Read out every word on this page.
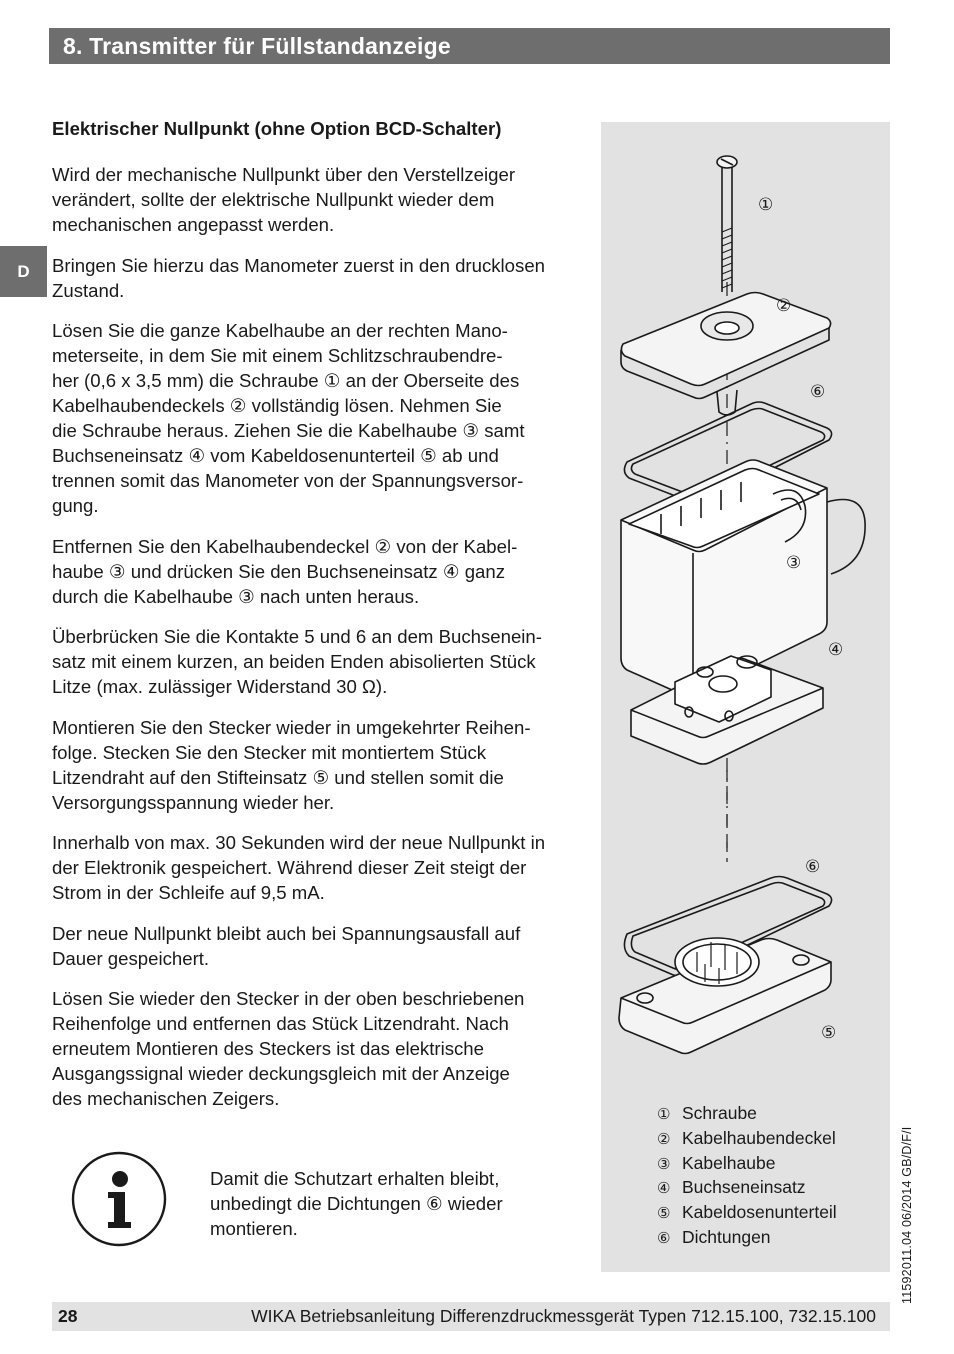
8. Transmitter für Füllstandanzeige
D
Elektrischer Nullpunkt (ohne Option BCD-Schalter)

Wird der mechanische Nullpunkt über den Verstellzeiger
verändert, sollte der elektrische Nullpunkt wieder dem
mechanischen angepasst werden.

Bringen Sie hierzu das Manometer zuerst in den drucklosen
Zustand.

Lösen Sie die ganze Kabelhaube an der rechten Mano-
meterseite, in dem Sie mit einem Schlitzschraubendre-
her (0,6 x 3,5 mm) die Schraube ① an der Oberseite des
Kabelhaubendeckels ② vollständig lösen. Nehmen Sie
die Schraube heraus. Ziehen Sie die Kabelhaube ③ samt
Buchseneinsatz ④ vom Kabeldosenunterteil ⑤ ab und
trennen somit das Manometer von der Spannungsversor-
gung.

Entfernen Sie den Kabelhaubendeckel ② von der Kabel-
haube ③ und drücken Sie den Buchseneinsatz ④ ganz
durch die Kabelhaube ③ nach unten heraus.

Überbrücken Sie die Kontakte 5 und 6 an dem Buchsenein-
satz mit einem kurzen, an beiden Enden abisolierten Stück
Litze (max. zulässiger Widerstand 30 Ω).

Montieren Sie den Stecker wieder in umgekehrter Reihen-
folge. Stecken Sie den Stecker mit montiertem Stück
Litzendraht auf den Stifteinsatz ⑤ und stellen somit die
Versorgungsspannung wieder her.

Innerhalb von max. 30 Sekunden wird der neue Nullpunkt in
der Elektronik gespeichert. Während dieser Zeit steigt der
Strom in der Schleife auf 9,5 mA.

Der neue Nullpunkt bleibt auch bei Spannungsausfall auf
Dauer gespeichert.

Lösen Sie wieder den Stecker in der oben beschriebenen
Reihenfolge und entfernen das Stück Litzendraht. Nach
erneutem Montieren des Steckers ist das elektrische
Ausgangssignal wieder deckungsgleich mit der Anzeige
des mechanischen Zeigers.

Damit die Schutzart erhalten bleibt,
unbedingt die Dichtungen ⑥ wieder
montieren.
①
②
⑥
③
④
⑥
⑤
① Schraube
② Kabelhaubendeckel
③ Kabelhaube
④ Buchseneinsatz
⑤ Kabeldosenunterteil
⑥ Dichtungen	11592011.04 06/2014 GB/D/F/I
28	WIKA Betriebsanleitung Differenzdruckmessgerät Typen 712.15.100, 732.15.100
